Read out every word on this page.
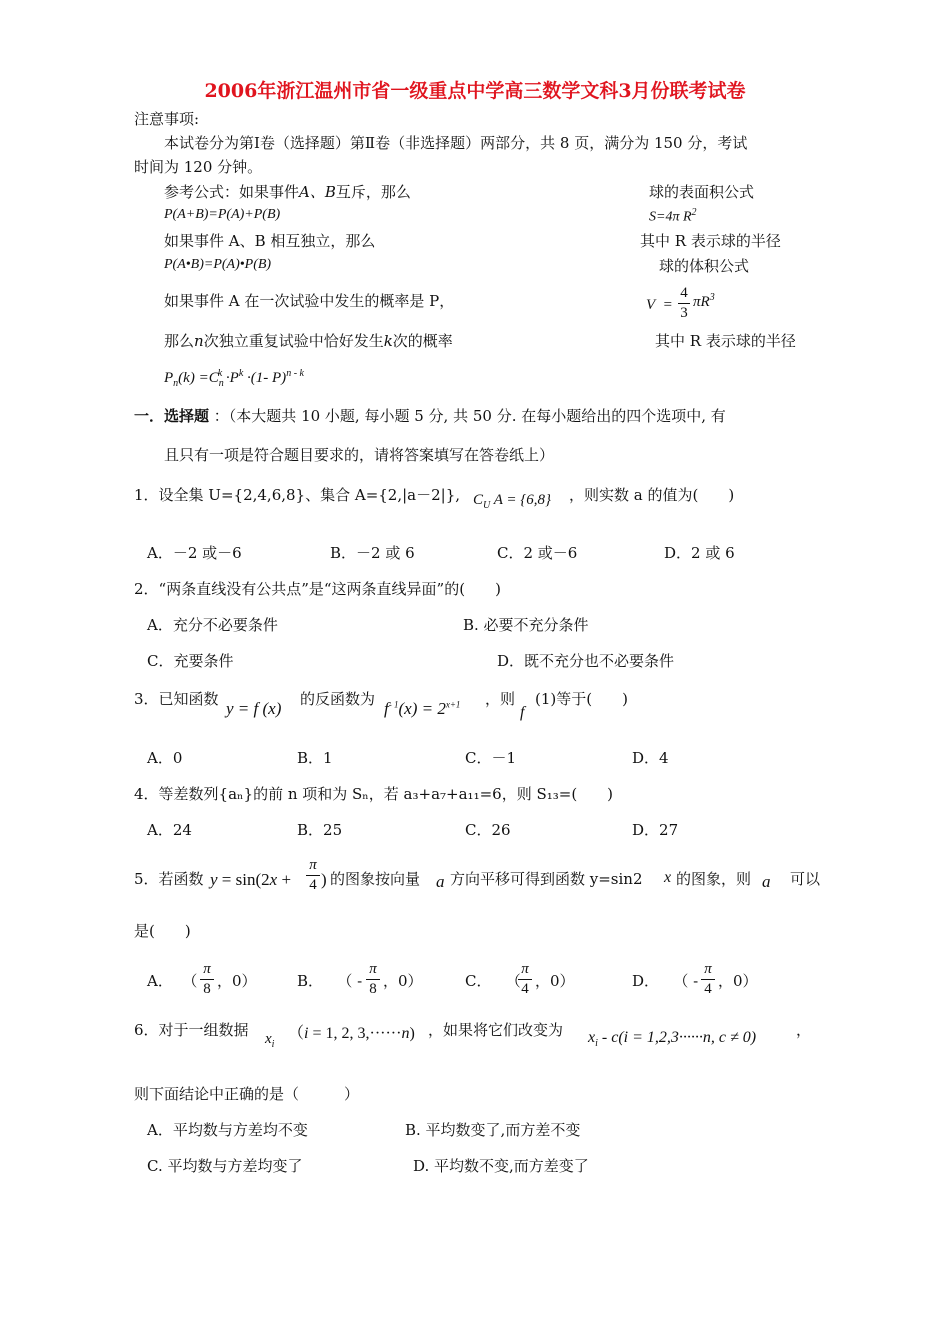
2006年浙江温州市省一级重点中学高三数学文科3月份联考试卷
注意事项:
本试卷分为第Ⅰ卷（选择题）第Ⅱ卷（非选择题）两部分，共 8 页，满分为 150 分，考试
时间为 120 分钟。
参考公式：如果事件A、B互斥，那么
P(A+B)=P(A)+P(B)
如果事件 A、B 相互独立，那么
P(A•B)=P(A)•P(B)
如果事件 A 在一次试验中发生的概率是 P，
那么n次独立重复试验中恰好发生k次的概率
$P_n(k) =C_n^k \cdot P^k \cdot(1-$ P)$^{n - k}$
球的表面积公式
S=4π $R^2$
其中 R 表示球的半径
球的体积公式
V  =
4
3
$\pi R^3$
其中 R 表示球的半径
一．选择题 ：（本大题共 10 小题, 每小题 5 分, 共 50 分. 在每小题给出的四个选项中, 有
且只有一项是符合题目要求的，请将答案填写在答卷纸上）
1．设全集 U={2,4,6,8}、集合 A={2,|a－2|}, $C_U$ A = {6,8} ，则实数 a 的值为(　　)
A．－2 或－6	B．－2 或 6	C．2 或－6	D．2 或 6
2．“两条直线没有公共点”是“这两条直线异面”的(　　)
A．充分不必要条件	B. 必要不充分条件
C．充要条件	D．既不充分也不必要条件
3．已知函数 y = f (x) 的反函数为 $f^{- 1}(x) = 2^{x+1}$ ，则
f
(1)等于(　　)
A．0	B．1	C．－1	D．4
4．等差数列{aₙ}的前 n 项和为 Sₙ，若 a₃+a₇+a₁₁=6，则 S₁₃=(　　)
A．24	B．25	C．26	D．27
5．若函数 y = sin(2x +
π
4 ) 的图象按向量 a 方向平移可得到函数 y=sin2 x 的图象，则 a 可以
是(　　)
A．  （
π
8 ，0）	B．   （ -
π
8 ，0）	C．   （
π
4 ，0）	D．   （ -
π
4 ，0）
6．对于一组数据 $x_i$
（i = 1, 2, 3,······n) ，如果将它们改变为 $x_i - c(i = 1,2,3\cdot\cdot\cdot\cdot\cdot\cdot n$, c ≠ 0)	，
则下面结论中正确的是（　　　）
A．平均数与方差均不变	B. 平均数变了,而方差不变
C. 平均数与方差均变了	D. 平均数不变,而方差变了
